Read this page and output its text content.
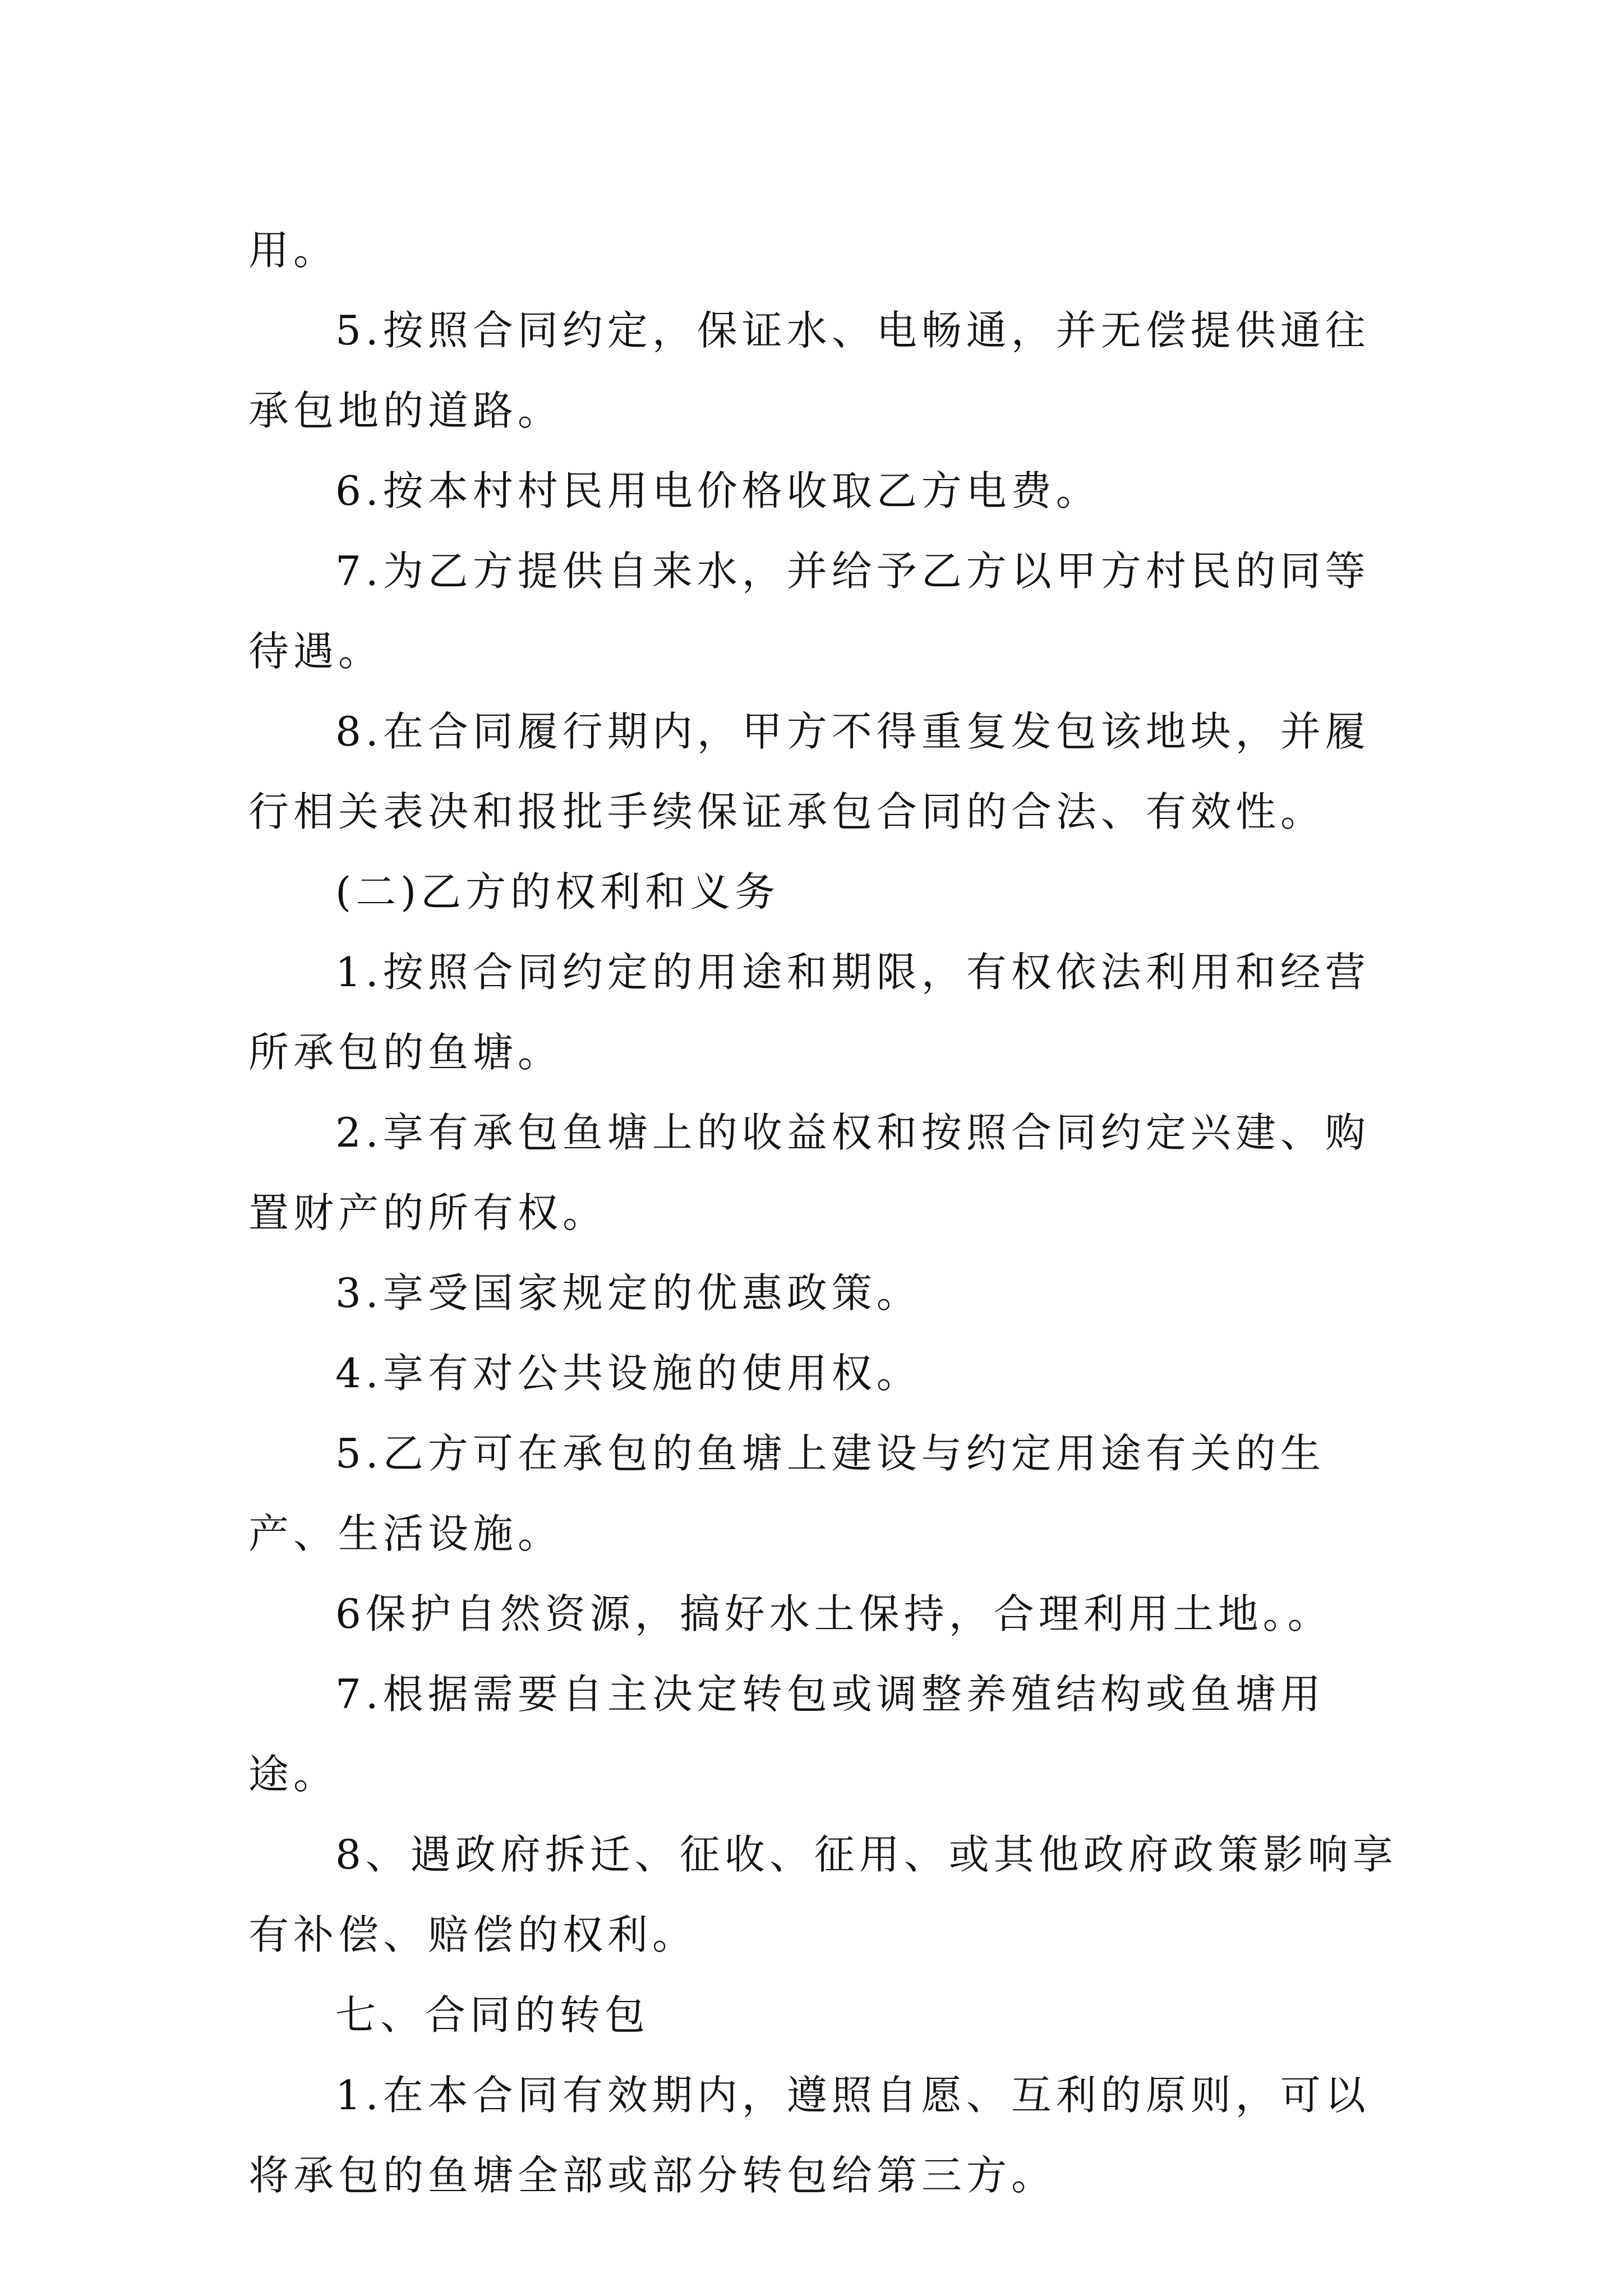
用。

5.按照合同约定，保证水、电畅通，并无偿提供通往承包地的道路。

6.按本村村民用电价格收取乙方电费。

7.为乙方提供自来水，并给予乙方以甲方村民的同等待遇。

8.在合同履行期内，甲方不得重复发包该地块，并履行相关表决和报批手续保证承包合同的合法、有效性。

(二)乙方的权利和义务

1.按照合同约定的用途和期限，有权依法利用和经营所承包的鱼塘。

2.享有承包鱼塘上的收益权和按照合同约定兴建、购置财产的所有权。

3.享受国家规定的优惠政策。

4.享有对公共设施的使用权。

5.乙方可在承包的鱼塘上建设与约定用途有关的生产、生活设施。

6保护自然资源，搞好水土保持，合理利用土地。。

7.根据需要自主决定转包或调整养殖结构或鱼塘用途。

8、遇政府拆迁、征收、征用、或其他政府政策影响享有补偿、赔偿的权利。

七、合同的转包

1.在本合同有效期内，遵照自愿、互利的原则，可以将承包的鱼塘全部或部分转包给第三方。
